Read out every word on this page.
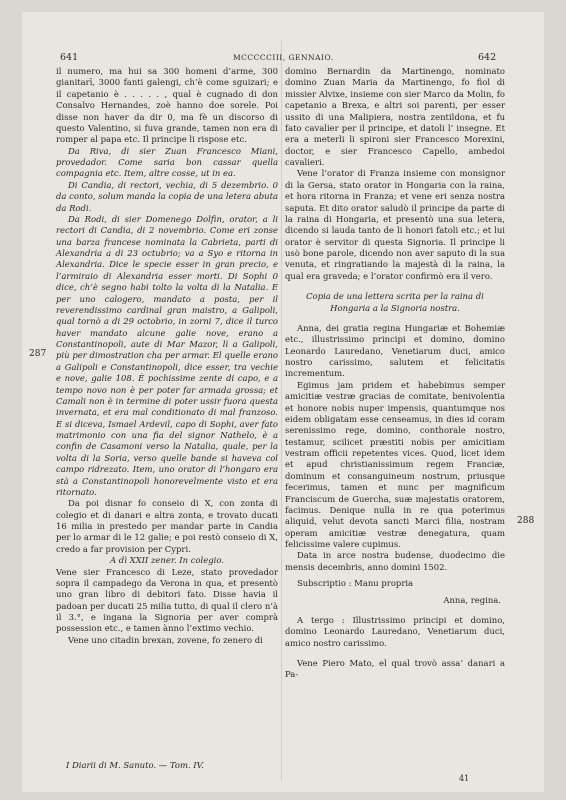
641	MCCCCCIII, GENNAIO.	642
287
288

il numero, ma hui sa 300 homeni d’arme, 300 gianitarī, 3000 fanti galengi, ch’è come sguizari; e il capetanio è . . . . . , qual è cugnado di don Consalvo Hernandes, zoè hanno doe sorele. Poi disse non haver da dir 0, ma fè un discorso di questo Valentino, si fuva grande, tamen non era di romper al papa etc. Il principe li rispose etc.

Da Riva, di sier Zuan Francesco Miani, provedador. Come saria bon cassar quella compagnia etc. Item, altre cosse, ut in ea.

Di Candia, di rectori, vechia, di 5 dezembrio. 0 da conto, solum manda la copia de una letera abuta da Rodi.

Da Rodi, di sier Domenego Dolfin, orator, a li rectori di Candia, di 2 novembrio. Come eri zonse una barza francese nominata la Cabrieta, parti di Alexandria a di 23 octubrio; va a Syo e ritorna in Alexandria. Dice le specie esser in gran precio, e l’armiraio di Alexandria esser morti. Di Sophi 0 dice, ch’è segno habi tolto la volta di la Natalia. E per uno calogero, mandato a posta, per il reverendissimo cardinal gran maistro, a Galipoli, qual tornò a di 29 octobrio, in zorni 7, dice il turco haver mandato alcune galie nove, erano a Constantinopoli, aute di Mar Mazor, lì a Galipoli, più per dimostration cha per armar. El quelle erano a Galipoli e Constantinopoli, dice esser, tra vechie e nove, galie 108. È pochissime zente di capo, e a tempo novo non è per poter far armada grossa; et Camali non è in termine di poter ussir fuora questa invernata, et era mal conditionato di mal franzoso. E si diceva, Ismael Ardevil, capo di Sophi, aver fato matrimonio con una fia del signor Nathelo, è a confin de Casamoni verso la Natalia, quale, per la volta di la Soria, verso quelle bande si haveva col campo ridrezato. Item, uno orator di l’hongaro era stà a Constantinopoli honorevelmente visto et era ritornato.

Da poi disnar fo conseio di X, con zonta di colegio et di danari e altra zonta, e trovato ducati 16 milia in prestedo per mandar parte in Candia per lo armar di le 12 galie; e poi restò conseio di X, credo a far provision per Cypri.

A dì XXII zener. In colegio.

Vene sier Francesco di Leze, stato provedador sopra il campadego da Verona in qua, et presentò uno gran libro di debitori fato. Disse havia il padoan per ducati 25 milia tutto, di qual il clero n’à il 3.°, e ingana la Signoria per aver comprà possession etc., e tamen ànno l’extimo vechio.

Vene uno citadin brexan, zovene, fo zenero di

domino Bernardin da Martinengo, nominato domino Zuan Maria da Martinengo, fo fiol di missier Alvixe, insieme con sier Marco da Molin, fo capetanio a Brexa, e altri soi parenti, per esser ussito di una Malipiera, nostra zentildona, et fu fato cavalier per il principe, et datoli l’ insegne. Et era a meterli li spironi sier Francesco Morexini, doctor, e sier Francesco Capello, ambedoi cavalieri.

Vene l’orator di Franza insieme con monsignor di la Gersa, stato orator in Hongaria con la raina, et hora ritorna in Franza; et vene eri senza nostra saputa. Et dito orator saludò il principe da parte di la raina di Hongaria, et presentò una sua letera, dicendo si lauda tanto de li honori fatoli etc.; et lui orator è servitor di questa Signoria. Il principe li usò bone parole, dicendo non aver saputo di la sua venuta, et ringratiando la majestà di la raina, la qual era graveda; e l’orator confirmò era il vero.

Copia de una lettera scrita per la raina di Hongaria a la Signoria nostra.

Anna, dei gratia regina Hungariæ et Bohemiæ etc., illustrissimo principi et domino, domino Leonardo Lauredano, Venetiarum duci, amico nostro carissimo, salutem et felicitatis incrementum.

Egimus jam pridem et habebimus semper amicitiæ vestræ gracias de comitate, benivolentia et honore nobis nuper impensis, quantumque nos eidem obligatam esse censeamus, in dies id coram serenissimo rege, domino, conthorale nostro, testamur, scilicet præstiti nobis per amicitiam vestram officii repetentes vices. Quod, licet idem et apud christianissimum regem Franciæ, dominum et consanguineum nostrum, priusque fecerimus, tamen et nunc per magnificum Franciscum de Guercha, suæ majestatis oratorem, facimus. Denique nulla in re qua poterimus aliquid, velut devota sancti Marci filia, nostram operam amicitiæ vestræ denegatura, quam felicissime valere cupimus.

Data in arce nostra budense, duodecimo die mensis decembris, anno domini 1502.

Subscriptio : Manu propria

Anna, regina.

A tergo : Illustrissimo principi et domino, domino Leonardo Lauredano, Venetiarum duci, amico nostro carissimo.

Vene Piero Mato, el qual trovò assa’ danari a Pa-

I Diarii di M. Sanuto. — Tom. IV.
41
